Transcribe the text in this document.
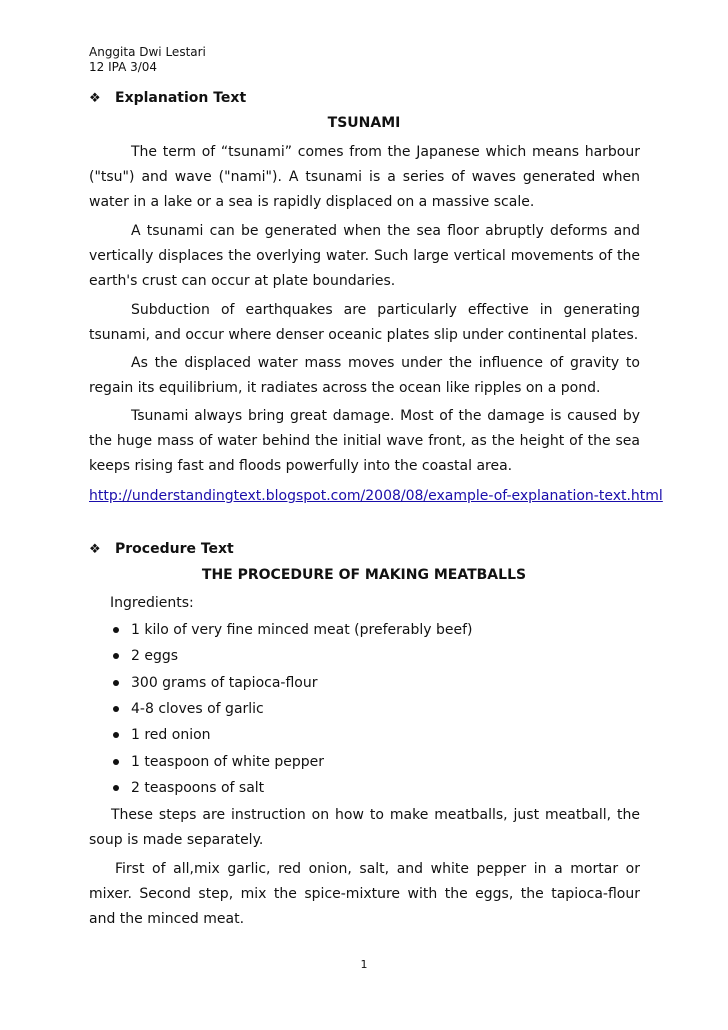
Anggita Dwi Lestari
12 IPA 3/04
❖	Explanation Text
TSUNAMI

The term of “tsunami” comes from the Japanese which means harbour ("tsu") and wave ("nami"). A tsunami is a series of waves generated when water in a lake or a sea is rapidly displaced on a massive scale.

A tsunami can be generated when the sea floor abruptly deforms and vertically displaces the overlying water. Such large vertical movements of the earth's crust can occur at plate boundaries.

Subduction of earthquakes are particularly effective in generating tsunami, and occur where denser oceanic plates slip under continental plates.

As the displaced water mass moves under the influence of gravity to regain its equilibrium, it radiates across the ocean like ripples on a pond.

Tsunami always bring great damage. Most of the damage is caused by the huge mass of water behind the initial wave front, as the height of the sea keeps rising fast and floods powerfully into the coastal area.

http://understandingtext.blogspot.com/2008/08/example-of-explanation-text.html
❖	Procedure Text
THE PROCEDURE OF MAKING MEATBALLS
Ingredients:
1 kilo of very fine minced meat (preferably beef)
2 eggs
300 grams of tapioca-flour
4-8 cloves of garlic
1 red onion
1 teaspoon of white pepper
2 teaspoons of salt

These steps are instruction on how to make meatballs, just meatball, the soup is made separately.

First of all,mix garlic, red onion, salt, and white pepper in a mortar or mixer. Second step, mix the spice-mixture with the eggs, the tapioca-flour and the minced meat.

1
